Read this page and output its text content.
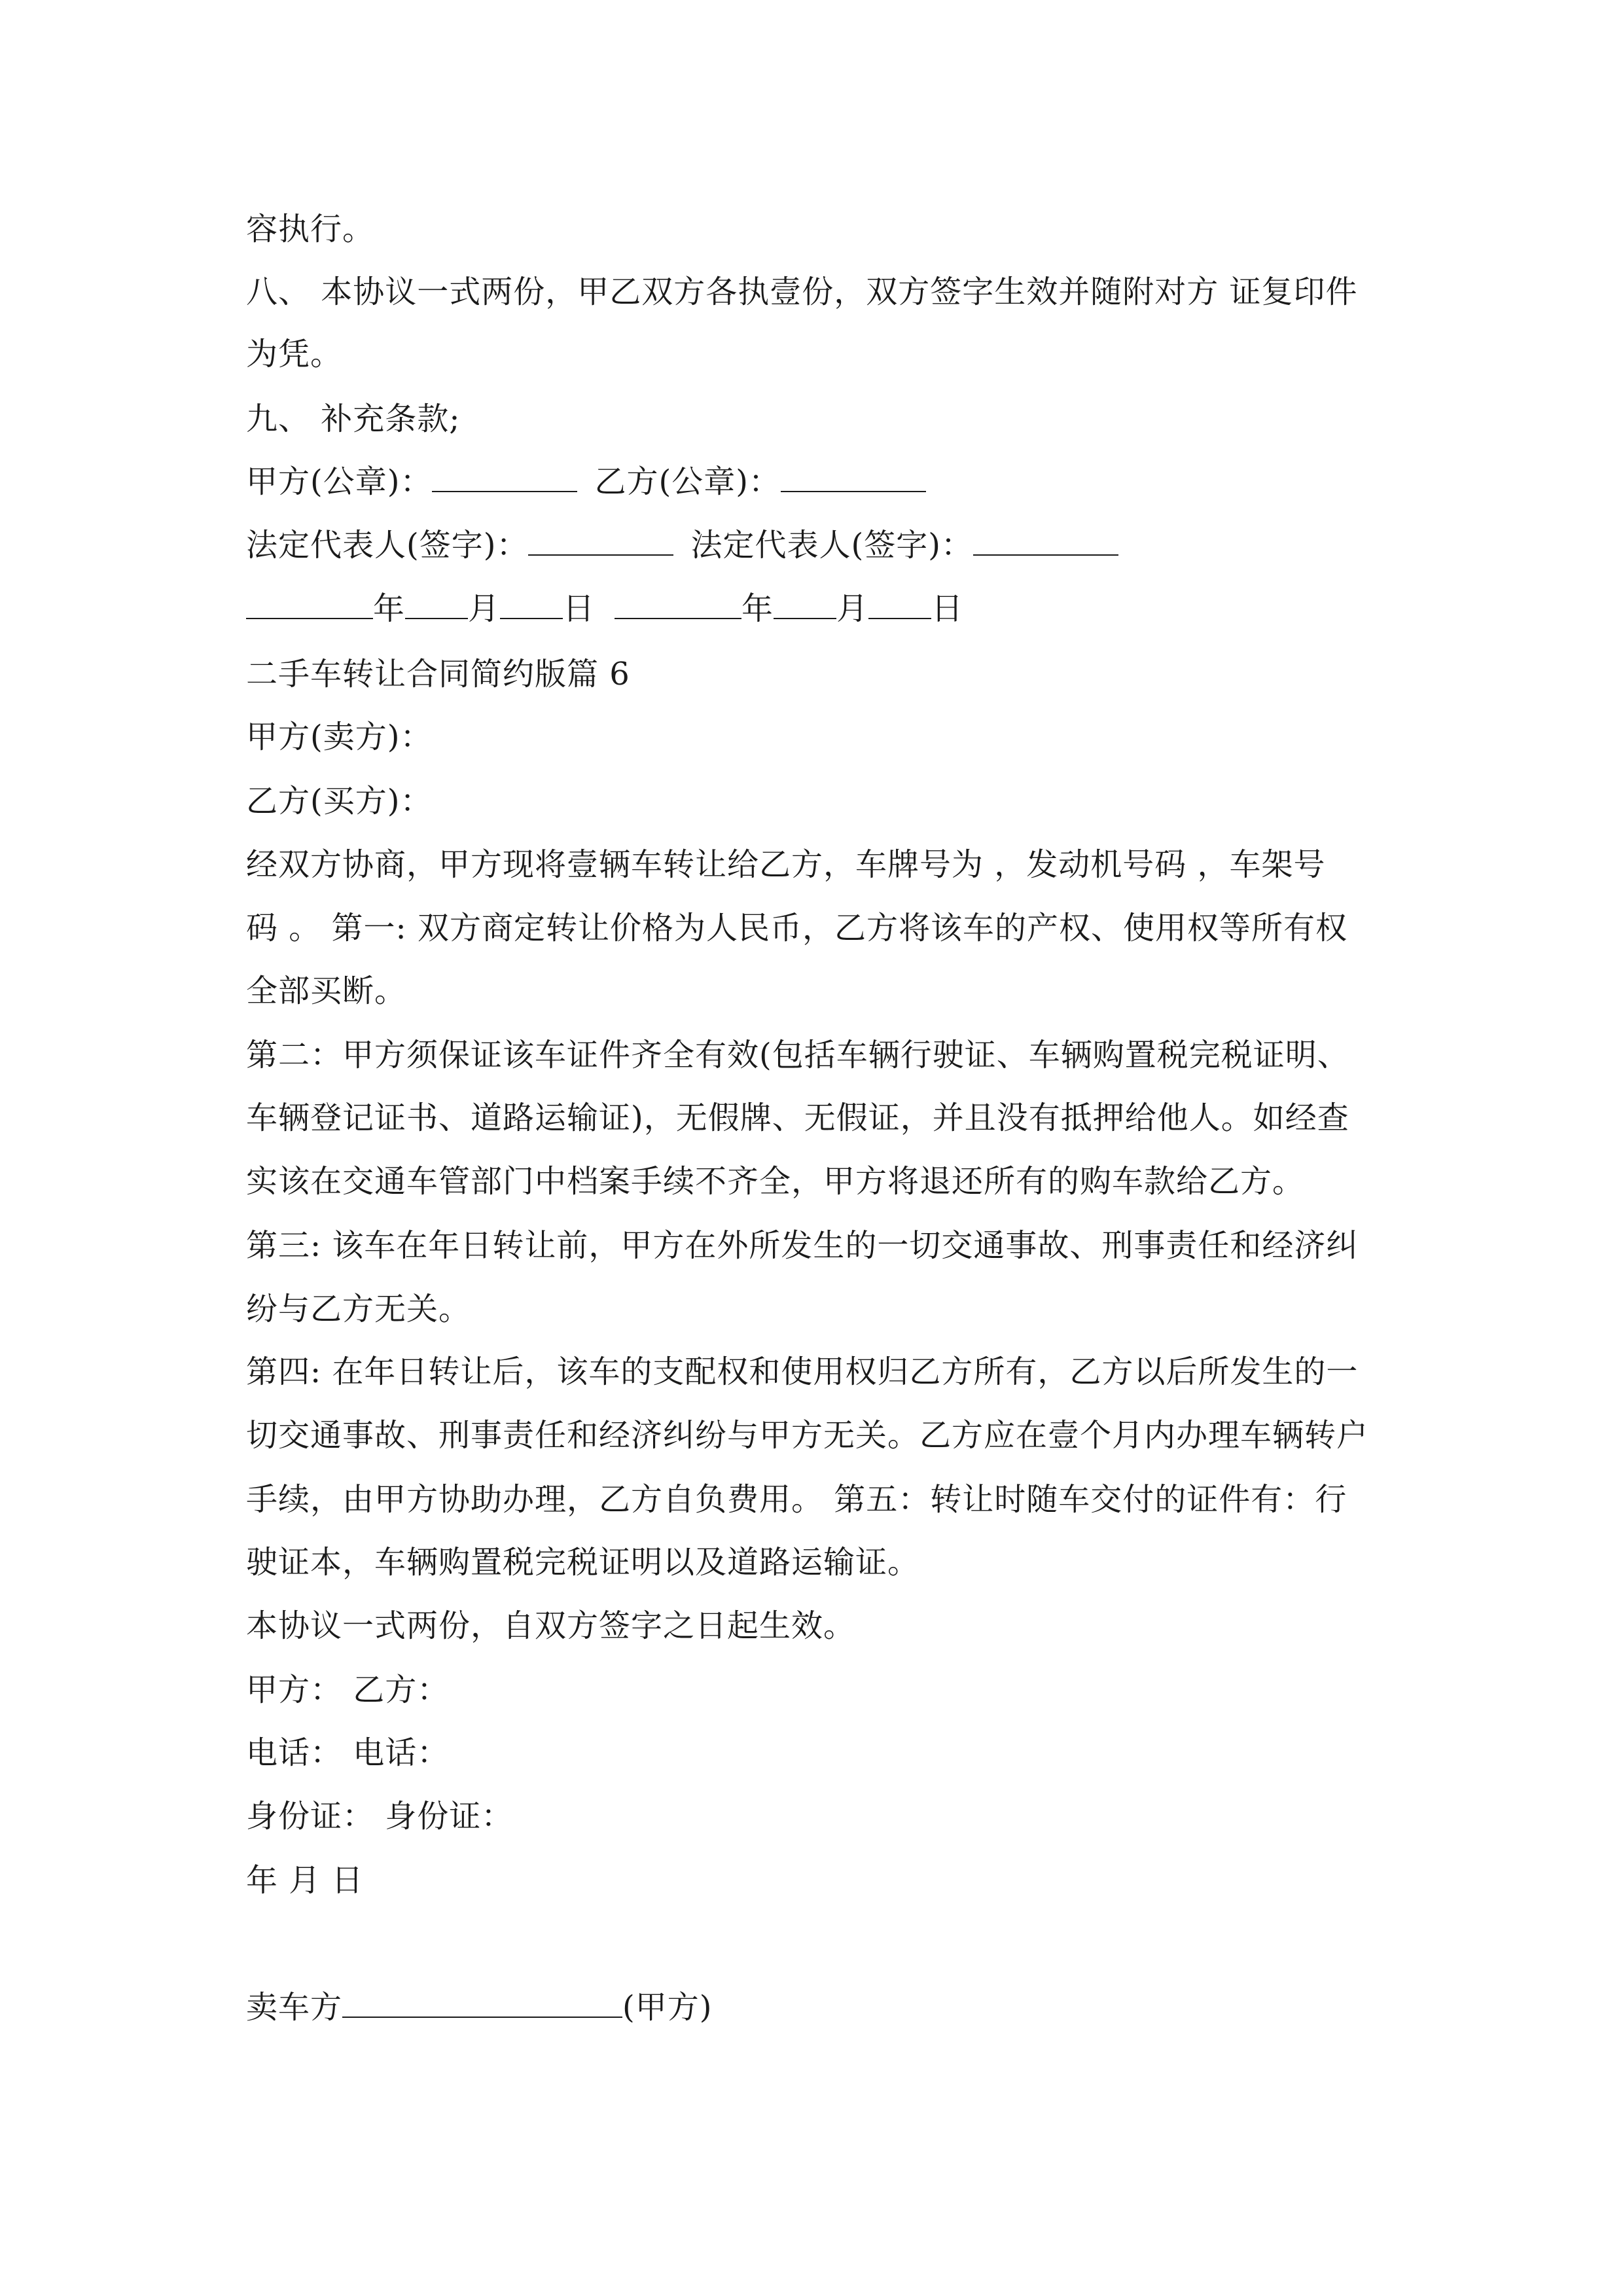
容执行。
八、 本协议一式两份，甲乙双方各执壹份，双方签字生效并随附对方 证复印件
为凭。
九、 补充条款;
甲方(公章)：	乙方(公章)：
法定代表人(签字)：	法定代表人(签字)：
年 月 日	年 月 日
二手车转让合同简约版篇 6
甲方(卖方)：
乙方(买方)：
经双方协商，甲方现将壹辆车转让给乙方，车牌号为 ，发动机号码 ，车架号
码 。 第一: 双方商定转让价格为人民币，乙方将该车的产权、使用权等所有权
全部买断。
第二：甲方须保证该车证件齐全有效(包括车辆行驶证、车辆购置税完税证明、
车辆登记证书、道路运输证)，无假牌、无假证，并且没有抵押给他人。如经查
实该在交通车管部门中档案手续不齐全，甲方将退还所有的购车款给乙方。
第三: 该车在年日转让前，甲方在外所发生的一切交通事故、刑事责任和经济纠
纷与乙方无关。
第四: 在年日转让后，该车的支配权和使用权归乙方所有，乙方以后所发生的一
切交通事故、刑事责任和经济纠纷与甲方无关。乙方应在壹个月内办理车辆转户
手续，由甲方协助办理，乙方自负费用。 第五：转让时随车交付的证件有：行
驶证本，车辆购置税完税证明以及道路运输证。
本协议一式两份，自双方签字之日起生效。
甲方： 乙方：
电话： 电话：
身份证： 身份证：
年 月 日
卖车方	(甲方)
